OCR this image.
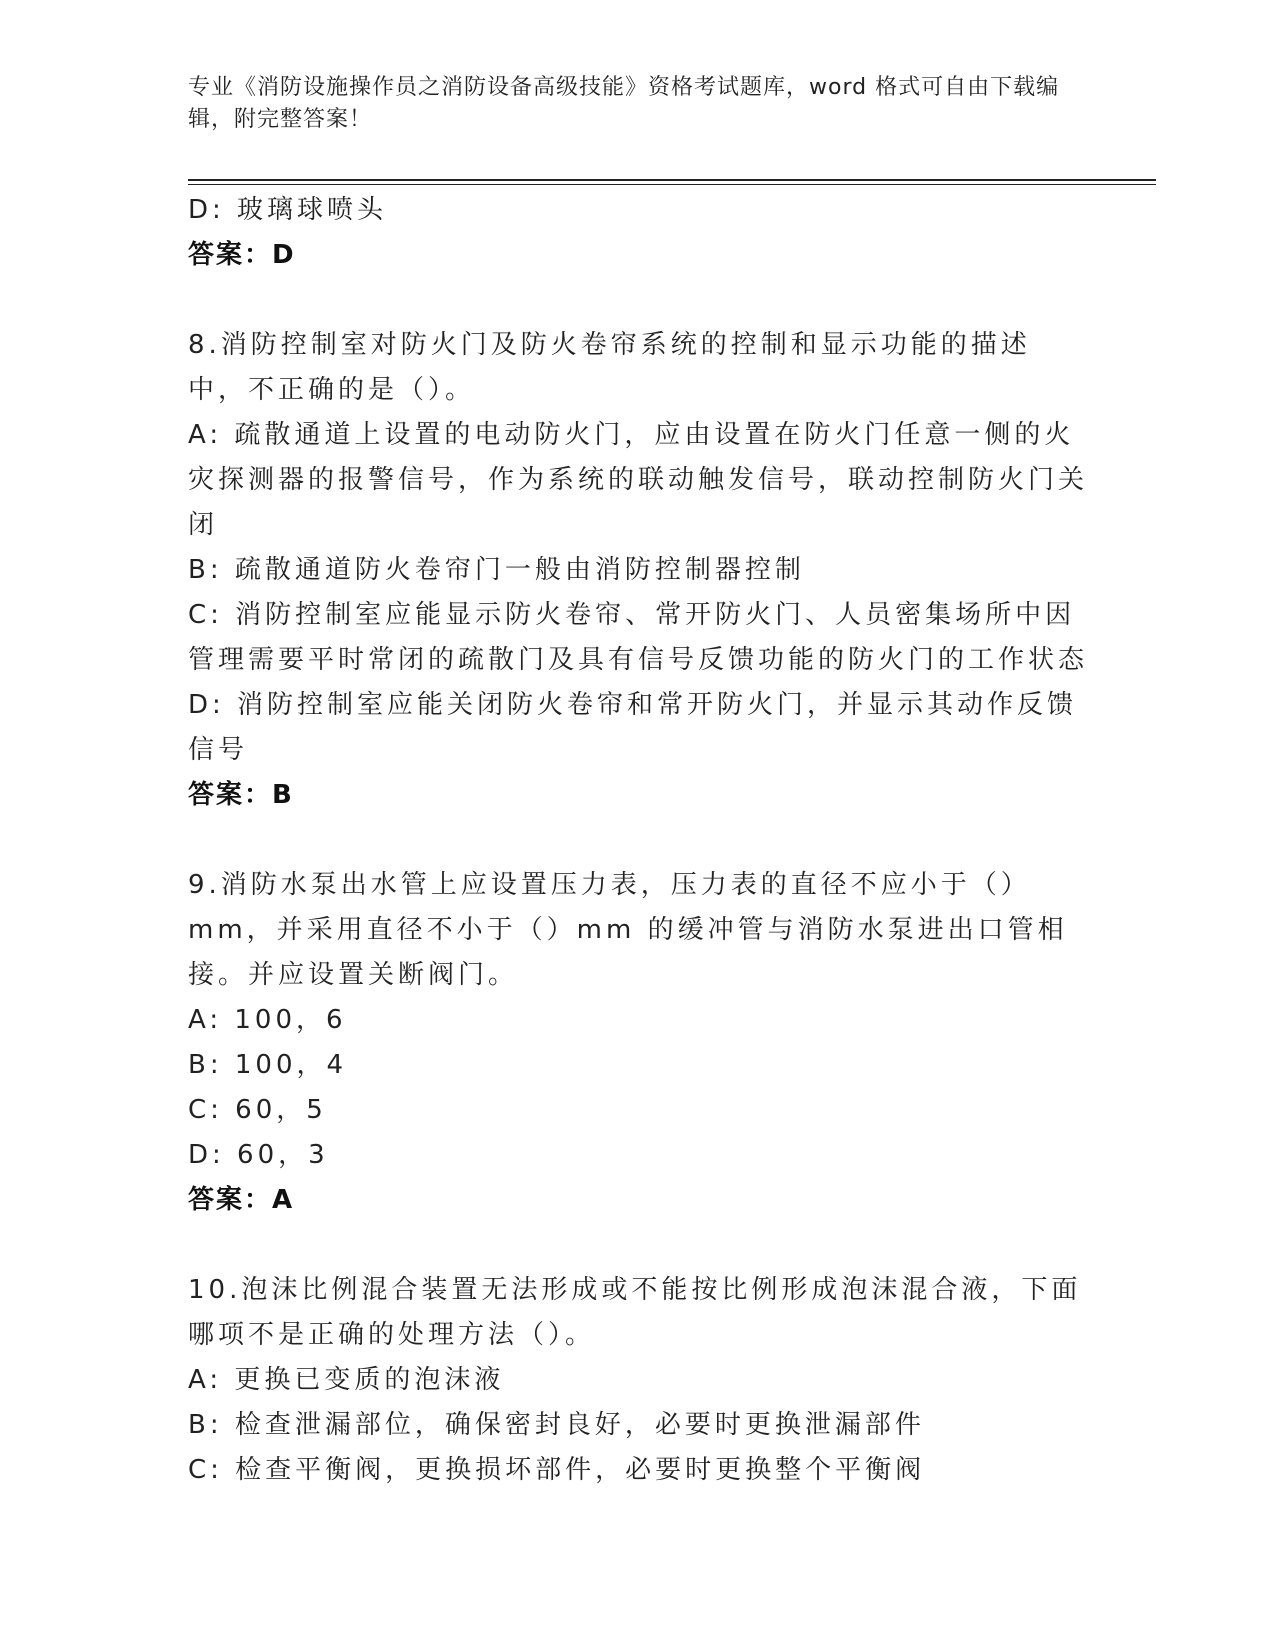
专业《消防设施操作员之消防设备高级技能》资格考试题库，word 格式可自由下载编辑，附完整答案！
D: 玻璃球喷头
答案：D
8.消防控制室对防火门及防火卷帘系统的控制和显示功能的描述中，不正确的是（）。
A: 疏散通道上设置的电动防火门，应由设置在防火门任意一侧的火灾探测器的报警信号，作为系统的联动触发信号，联动控制防火门关闭
B: 疏散通道防火卷帘门一般由消防控制器控制
C: 消防控制室应能显示防火卷帘、常开防火门、人员密集场所中因管理需要平时常闭的疏散门及具有信号反馈功能的防火门的工作状态
D: 消防控制室应能关闭防火卷帘和常开防火门，并显示其动作反馈信号
答案：B
9.消防水泵出水管上应设置压力表，压力表的直径不应小于（）mm，并采用直径不小于（）mm 的缓冲管与消防水泵进出口管相接。并应设置关断阀门。
A: 100，6
B: 100，4
C: 60，5
D: 60，3
答案：A
10.泡沫比例混合装置无法形成或不能按比例形成泡沫混合液，下面哪项不是正确的处理方法（）。
A: 更换已变质的泡沫液
B: 检查泄漏部位，确保密封良好，必要时更换泄漏部件
C: 检查平衡阀，更换损坏部件，必要时更换整个平衡阀
